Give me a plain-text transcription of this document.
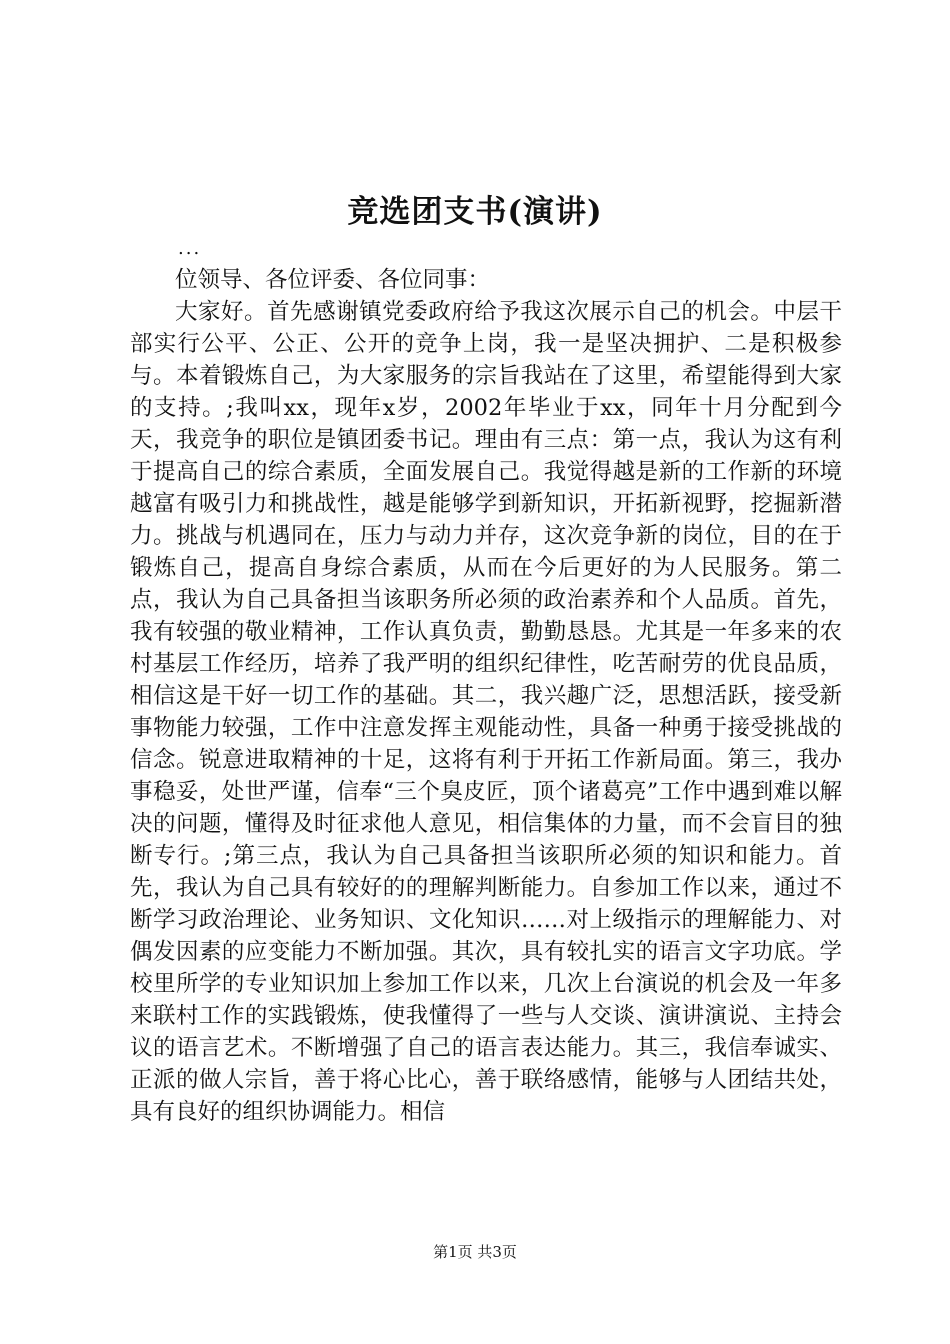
竞选团支书(演讲)
...

位领导、各位评委、各位同事：

大家好。首先感谢镇党委政府给予我这次展示自己的机会。中层干部实行公平、公正、公开的竞争上岗，我一是坚决拥护、二是积极参与。本着锻炼自己，为大家服务的宗旨我站在了这里，希望能得到大家的支持。;我叫xx，现年x岁，2002年毕业于xx，同年十月分配到今天，我竞争的职位是镇团委书记。理由有三点：第一点，我认为这有利于提高自己的综合素质，全面发展自己。我觉得越是新的工作新的环境越富有吸引力和挑战性，越是能够学到新知识，开拓新视野，挖掘新潜力。挑战与机遇同在，压力与动力并存，这次竞争新的岗位，目的在于锻炼自己，提高自身综合素质，从而在今后更好的为人民服务。第二点，我认为自己具备担当该职务所必须的政治素养和个人品质。首先，我有较强的敬业精神，工作认真负责，勤勤恳恳。尤其是一年多来的农村基层工作经历，培养了我严明的组织纪律性，吃苦耐劳的优良品质，相信这是干好一切工作的基础。其二，我兴趣广泛，思想活跃，接受新事物能力较强，工作中注意发挥主观能动性，具备一种勇于接受挑战的信念。锐意进取精神的十足，这将有利于开拓工作新局面。第三，我办事稳妥，处世严谨，信奉“三个臭皮匠，顶个诸葛亮”工作中遇到难以解决的问题，懂得及时征求他人意见，相信集体的力量，而不会盲目的独断专行。;第三点，我认为自己具备担当该职所必须的知识和能力。首先，我认为自己具有较好的的理解判断能力。自参加工作以来，通过不断学习政治理论、业务知识、文化知识……对上级指示的理解能力、对偶发因素的应变能力不断加强。其次，具有较扎实的语言文字功底。学校里所学的专业知识加上参加工作以来，几次上台演说的机会及一年多来联村工作的实践锻炼，使我懂得了一些与人交谈、演讲演说、主持会议的语言艺术。不断增强了自己的语言表达能力。其三，我信奉诚实、正派的做人宗旨，善于将心比心，善于联络感情，能够与人团结共处，具有良好的组织协调能力。相信

第1页 共3页
